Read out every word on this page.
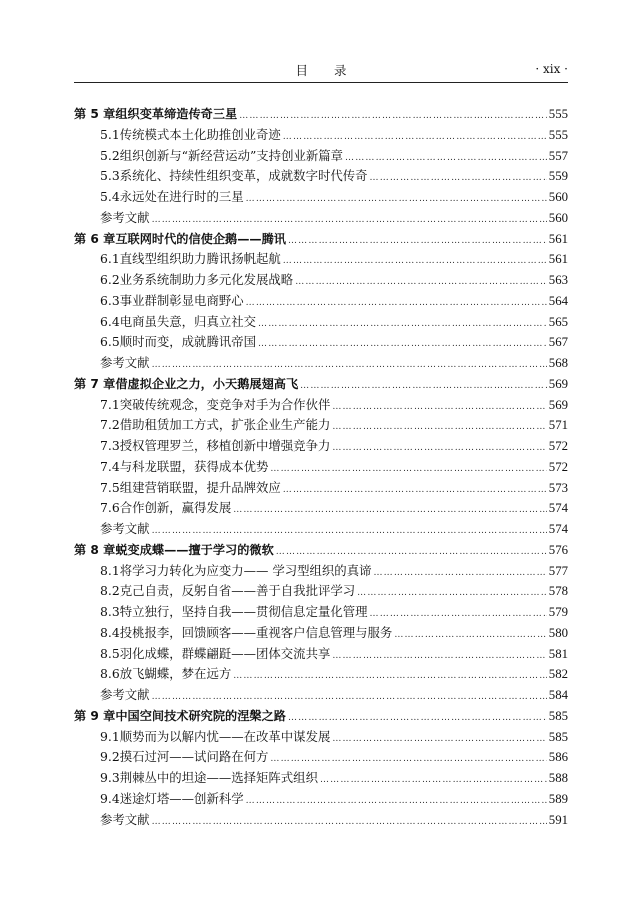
目录	· xix ·
第 5 章 组织变革缔造传奇三星 ……………………………………………………………………………………………………………………………………………………………………………………………………………………………………	555
5.1 传统模式本土化助推创业奇迹 ……………………………………………………………………………………………………………………………………………………………………………………………………………………………………	555
5.2 组织创新与“新经营运动”支持创业新篇章 ……………………………………………………………………………………………………………………………………………………………………………………………………………………………………	557
5.3 系统化、持续性组织变革，成就数字时代传奇 ……………………………………………………………………………………………………………………………………………………………………………………………………………………………………	559
5.4 永远处在进行时的三星 ……………………………………………………………………………………………………………………………………………………………………………………………………………………………………	560
参考文献 ……………………………………………………………………………………………………………………………………………………………………………………………………………………………………	560
第 6 章 互联网时代的信使企鹅——腾讯 ……………………………………………………………………………………………………………………………………………………………………………………………………………………………………	561
6.1 直线型组织助力腾讯扬帆起航 ……………………………………………………………………………………………………………………………………………………………………………………………………………………………………	561
6.2 业务系统制助力多元化发展战略 ……………………………………………………………………………………………………………………………………………………………………………………………………………………………………	563
6.3 事业群制彰显电商野心 ……………………………………………………………………………………………………………………………………………………………………………………………………………………………………	564
6.4 电商虽失意，归真立社交 ……………………………………………………………………………………………………………………………………………………………………………………………………………………………………	565
6.5 顺时而变，成就腾讯帝国 ……………………………………………………………………………………………………………………………………………………………………………………………………………………………………	567
参考文献 ……………………………………………………………………………………………………………………………………………………………………………………………………………………………………	568
第 7 章 借虚拟企业之力，小天鹅展翅高飞 ……………………………………………………………………………………………………………………………………………………………………………………………………………………………………	569
7.1 突破传统观念，变竞争对手为合作伙伴 ……………………………………………………………………………………………………………………………………………………………………………………………………………………………………	569
7.2 借助租赁加工方式，扩张企业生产能力 ……………………………………………………………………………………………………………………………………………………………………………………………………………………………………	571
7.3 授权管理罗兰，移植创新中增强竞争力 ……………………………………………………………………………………………………………………………………………………………………………………………………………………………………	572
7.4 与科龙联盟，获得成本优势 ……………………………………………………………………………………………………………………………………………………………………………………………………………………………………	572
7.5 组建营销联盟，提升品牌效应 ……………………………………………………………………………………………………………………………………………………………………………………………………………………………………	573
7.6 合作创新，赢得发展 ……………………………………………………………………………………………………………………………………………………………………………………………………………………………………	574
参考文献 ……………………………………………………………………………………………………………………………………………………………………………………………………………………………………	574
第 8 章 蜕变成蝶——擅于学习的微软 ……………………………………………………………………………………………………………………………………………………………………………………………………………………………………	576
8.1 将学习力转化为应变力—— 学习型组织的真谛 ……………………………………………………………………………………………………………………………………………………………………………………………………………………………………	577
8.2 克己自责，反躬自省——善于自我批评学习 ……………………………………………………………………………………………………………………………………………………………………………………………………………………………………	578
8.3 特立独行，坚持自我——贯彻信息定量化管理 ……………………………………………………………………………………………………………………………………………………………………………………………………………………………………	579
8.4 投桃报李，回馈顾客——重视客户信息管理与服务 ……………………………………………………………………………………………………………………………………………………………………………………………………………………………………	580
8.5 羽化成蝶，群蝶翩跹——团体交流共享 ……………………………………………………………………………………………………………………………………………………………………………………………………………………………………	581
8.6 放飞蝴蝶，梦在远方 ……………………………………………………………………………………………………………………………………………………………………………………………………………………………………	582
参考文献 ……………………………………………………………………………………………………………………………………………………………………………………………………………………………………	584
第 9 章 中国空间技术研究院的涅槃之路 ……………………………………………………………………………………………………………………………………………………………………………………………………………………………………	585
9.1 顺势而为以解内忧——在改革中谋发展 ……………………………………………………………………………………………………………………………………………………………………………………………………………………………………	585
9.2 摸石过河——试问路在何方 ……………………………………………………………………………………………………………………………………………………………………………………………………………………………………	586
9.3 荆棘丛中的坦途——选择矩阵式组织 ……………………………………………………………………………………………………………………………………………………………………………………………………………………………………	588
9.4 迷途灯塔——创新科学 ……………………………………………………………………………………………………………………………………………………………………………………………………………………………………	589
参考文献 ……………………………………………………………………………………………………………………………………………………………………………………………………………………………………	591
